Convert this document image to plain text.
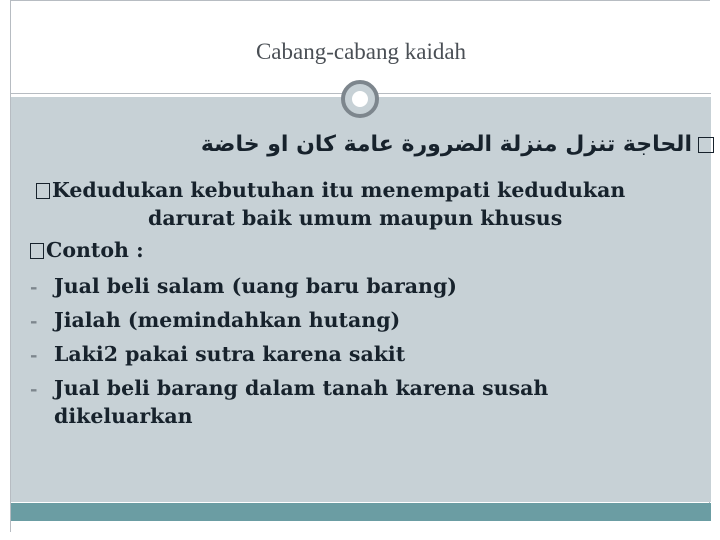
Cabang-cabang kaidah
الحاجة تنزل منزلة الضرورة عامة كان او خاضة
Kedudukan kebutuhan itu menempati kedudukan
darurat baik umum maupun khusus
Contoh :
- Jual beli salam (uang baru barang)
- Jialah (memindahkan hutang)
- Laki2 pakai sutra karena sakit
- Jual beli barang dalam tanah karena susah
dikeluarkan
